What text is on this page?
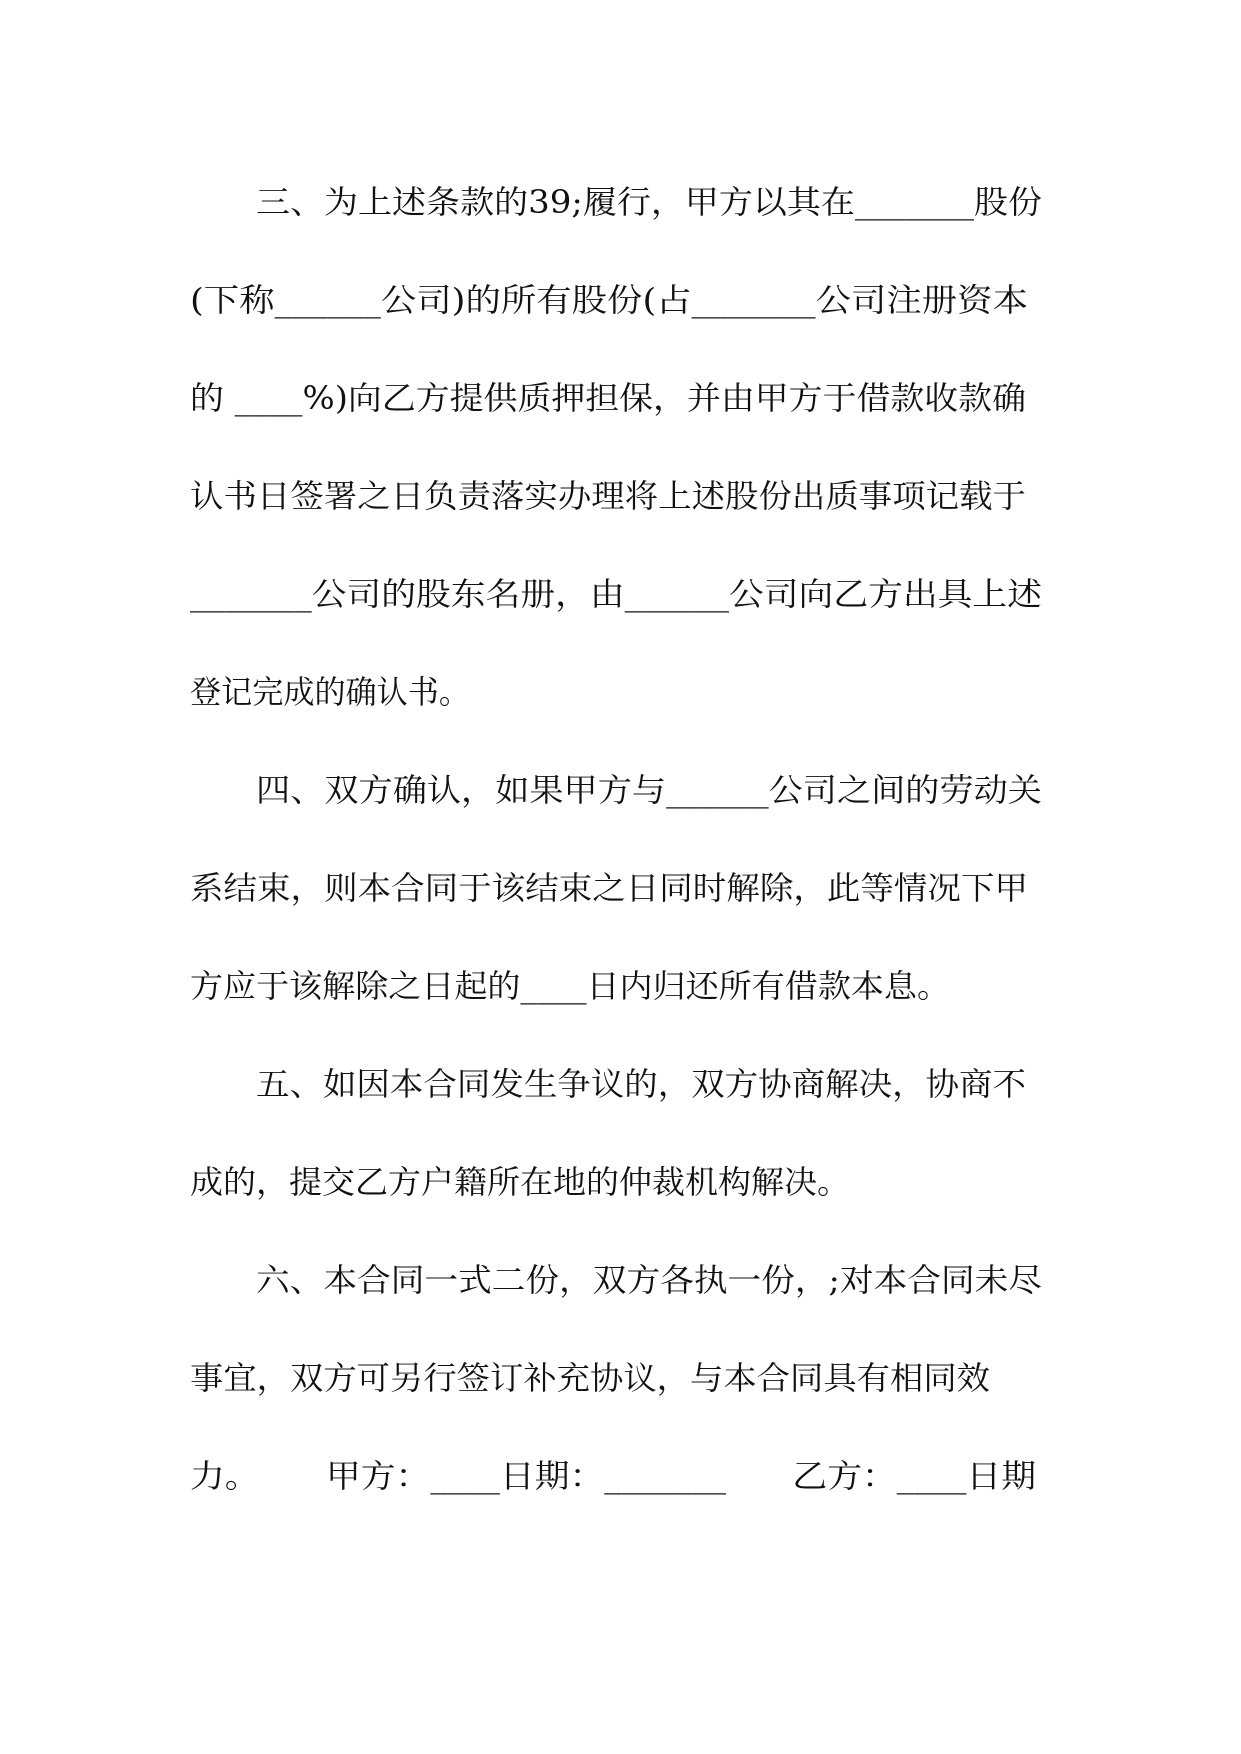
三、为上述条款的39;履行，甲方以其在_______股份
(下称______公司)的所有股份(占_______公司注册资本
的 ____%)向乙方提供质押担保，并由甲方于借款收款确
认书日签署之日负责落实办理将上述股份出质事项记载于
_______公司的股东名册，由______公司向乙方出具上述
登记完成的确认书。
四、双方确认，如果甲方与______公司之间的劳动关
系结束，则本合同于该结束之日同时解除，此等情况下甲
方应于该解除之日起的____日内归还所有借款本息。
五、如因本合同发生争议的，双方协商解决，协商不
成的，提交乙方户籍所在地的仲裁机构解决。
六、本合同一式二份，双方各执一份，;对本合同未尽
事宜，双方可另行签订补充协议，与本合同具有相同效
力。      甲方：____日期：_______      乙方：____日期
